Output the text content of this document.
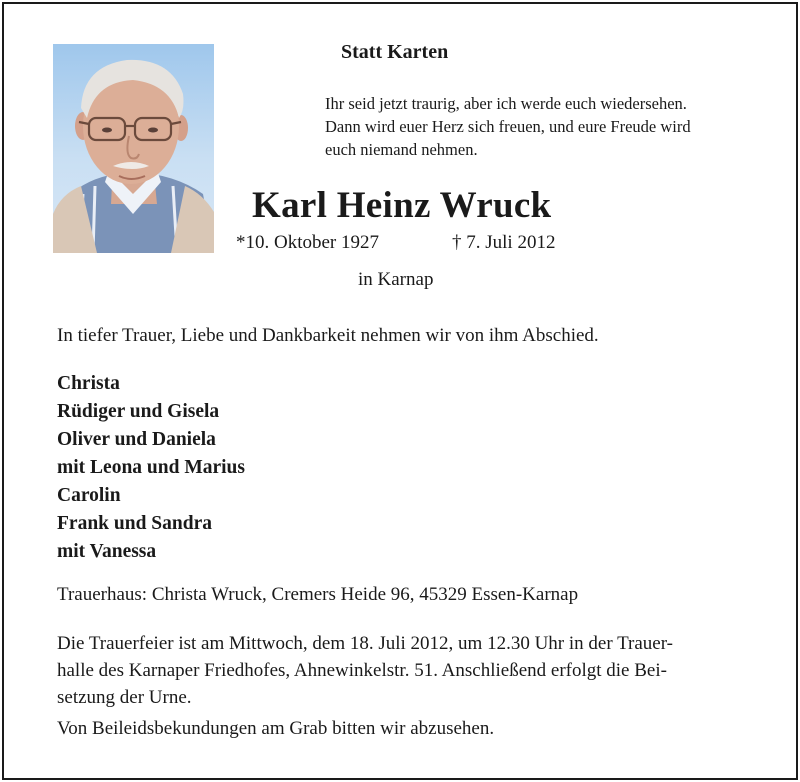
Statt Karten
Ihr seid jetzt traurig, aber ich werde euch wiedersehen.
Dann wird euer Herz sich freuen, und eure Freude wird
euch niemand nehmen.
Karl Heinz Wruck
*10. Oktober 1927	† 7. Juli 2012
in Karnap
In tiefer Trauer, Liebe und Dankbarkeit nehmen wir von ihm Abschied.
Christa
Rüdiger und Gisela
Oliver und Daniela
mit Leona und Marius
Carolin
Frank und Sandra
mit Vanessa
Trauerhaus: Christa Wruck, Cremers Heide 96, 45329 Essen-Karnap
Die Trauerfeier ist am Mittwoch, dem 18. Juli 2012, um 12.30 Uhr in der Trauer-
halle des Karnaper Friedhofes, Ahnewinkelstr. 51. Anschließend erfolgt die Bei-
setzung der Urne.
Von Beileidsbekundungen am Grab bitten wir abzusehen.
